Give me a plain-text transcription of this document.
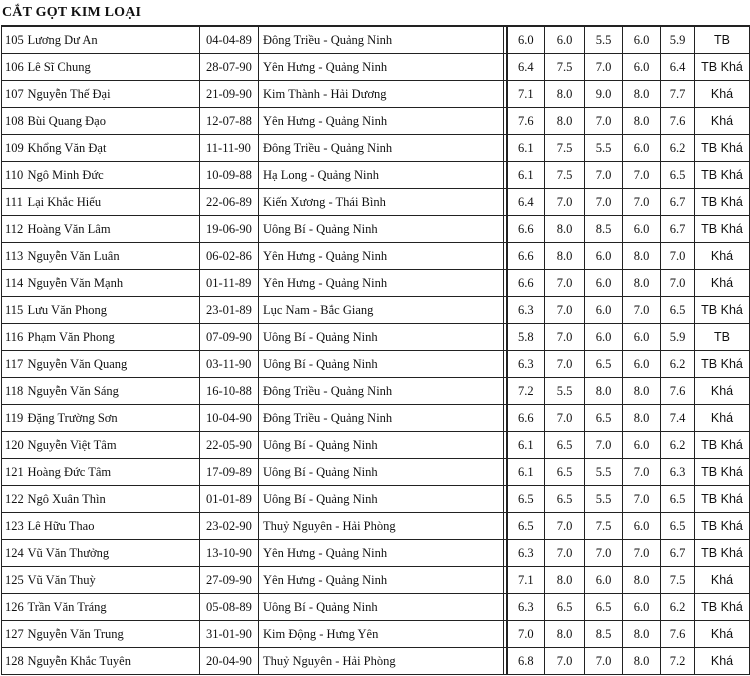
CẮT GỌT KIM LOẠI
105	Lương Dư An	04-04-89	Đông Triều - Quảng Ninh		6.0	6.0	5.5	6.0	5.9	TB
106	Lê Sĩ Chung	28-07-90	Yên Hưng - Quảng Ninh		6.4	7.5	7.0	6.0	6.4	TB Khá
107	Nguyễn Thế Đại	21-09-90	Kim Thành - Hải Dương		7.1	8.0	9.0	8.0	7.7	Khá
108	Bùi Quang Đạo	12-07-88	Yên Hưng - Quảng Ninh		7.6	8.0	7.0	8.0	7.6	Khá
109	Khổng Văn Đạt	11-11-90	Đông Triều - Quảng Ninh		6.1	7.5	5.5	6.0	6.2	TB Khá
110	Ngô Minh Đức	10-09-88	Hạ Long - Quảng Ninh		6.1	7.5	7.0	7.0	6.5	TB Khá
111	Lại Khắc Hiếu	22-06-89	Kiến Xương - Thái Bình		6.4	7.0	7.0	7.0	6.7	TB Khá
112	Hoàng Văn Lâm	19-06-90	Uông Bí - Quảng Ninh		6.6	8.0	8.5	6.0	6.7	TB Khá
113	Nguyễn Văn Luân	06-02-86	Yên Hưng - Quảng Ninh		6.6	8.0	6.0	8.0	7.0	Khá
114	Nguyễn Văn Mạnh	01-11-89	Yên Hưng - Quảng Ninh		6.6	7.0	6.0	8.0	7.0	Khá
115	Lưu Văn Phong	23-01-89	Lục Nam - Bắc Giang		6.3	7.0	6.0	7.0	6.5	TB Khá
116	Phạm Văn Phong	07-09-90	Uông Bí - Quảng Ninh		5.8	7.0	6.0	6.0	5.9	TB
117	Nguyễn Văn Quang	03-11-90	Uông Bí - Quảng Ninh		6.3	7.0	6.5	6.0	6.2	TB Khá
118	Nguyễn Văn Sáng	16-10-88	Đông Triều - Quảng Ninh		7.2	5.5	8.0	8.0	7.6	Khá
119	Đặng Trường Sơn	10-04-90	Đông Triều - Quảng Ninh		6.6	7.0	6.5	8.0	7.4	Khá
120	Nguyễn Việt Tâm	22-05-90	Uông Bí - Quảng Ninh		6.1	6.5	7.0	6.0	6.2	TB Khá
121	Hoàng Đức Tâm	17-09-89	Uông Bí - Quảng Ninh		6.1	6.5	5.5	7.0	6.3	TB Khá
122	Ngô Xuân Thìn	01-01-89	Uông Bí - Quảng Ninh		6.5	6.5	5.5	7.0	6.5	TB Khá
123	Lê Hữu Thao	23-02-90	Thuỷ Nguyên - Hải Phòng		6.5	7.0	7.5	6.0	6.5	TB Khá
124	Vũ Văn Thưởng	13-10-90	Yên Hưng - Quảng Ninh		6.3	7.0	7.0	7.0	6.7	TB Khá
125	Vũ Văn Thuỳ	27-09-90	Yên Hưng - Quảng Ninh		7.1	8.0	6.0	8.0	7.5	Khá
126	Trần Văn Tráng	05-08-89	Uông Bí - Quảng Ninh		6.3	6.5	6.5	6.0	6.2	TB Khá
127	Nguyễn Văn Trung	31-01-90	Kim Động - Hưng Yên		7.0	8.0	8.5	8.0	7.6	Khá
128	Nguyễn Khắc Tuyên	20-04-90	Thuỷ Nguyên - Hải Phòng		6.8	7.0	7.0	8.0	7.2	Khá
